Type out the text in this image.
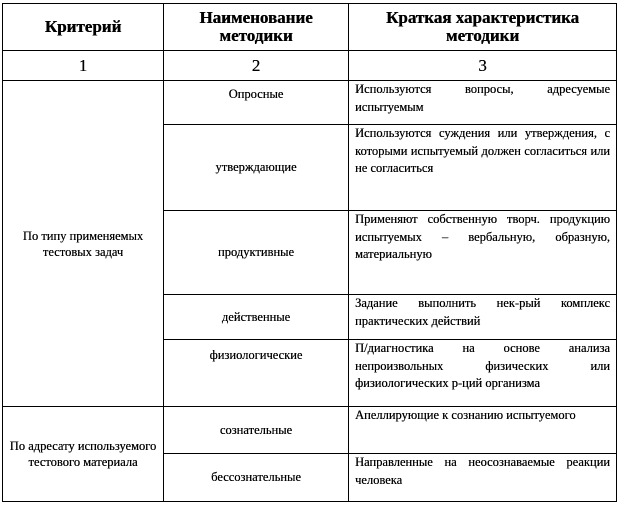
Критерий	Наименование методики	Краткая характеристика методики
1	2	3
По типу применяемых тестовых задач	Опросные	Используются вопросы, адресуемые испытуемым
	утверждающие	Используются суждения или утверждения, с которыми испытуемый должен согласиться или не согласиться
	продуктивные	Применяют собственную творч. продукцию испытуемых – вербальную, образную, материальную
	действенные	Задание выполнить нек-рый комплекс практических действий
	физиологические	П/диагностика на основе анализа непроизвольных физических или физиологических р-ций организма
По адресату используемого тестового материала	сознательные	Апеллирующие к сознанию испытуемого
	бессознательные	Направленные на неосознаваемые реакции человека
